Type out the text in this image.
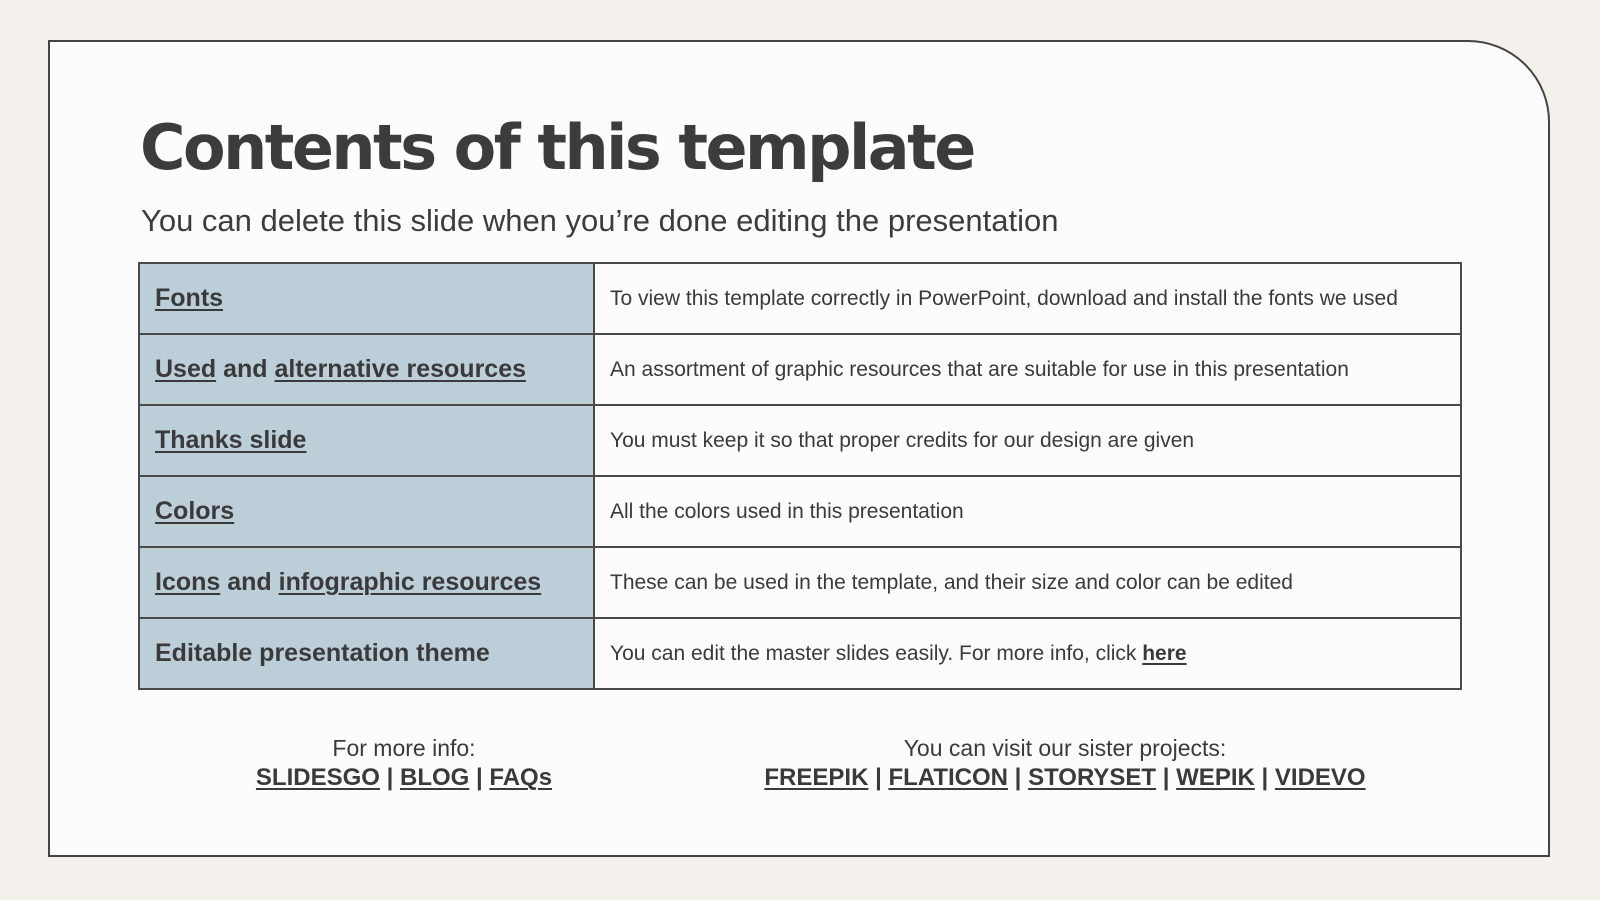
Contents of this template
You can delete this slide when you’re done editing the presentation
Fonts	To view this template correctly in PowerPoint, download and install the fonts we used
Used and alternative resources	An assortment of graphic resources that are suitable for use in this presentation
Thanks slide	You must keep it so that proper credits for our design are given
Colors	All the colors used in this presentation
Icons and infographic resources	These can be used in the template, and their size and color can be edited
Editable presentation theme	You can edit the master slides easily. For more info, click here
For more info:
SLIDESGO | BLOG | FAQs
You can visit our sister projects:
FREEPIK | FLATICON | STORYSET | WEPIK | VIDEVO
